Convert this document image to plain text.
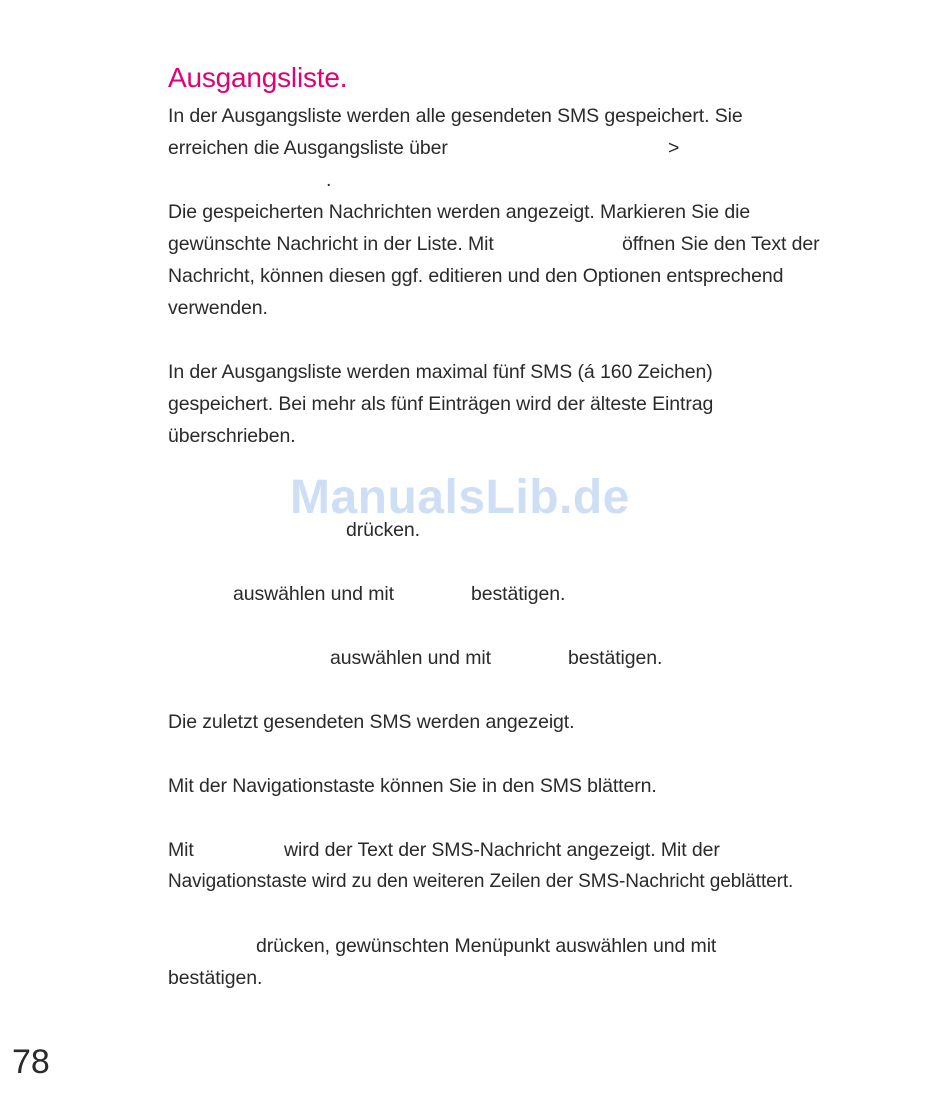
Ausgangsliste.
In der Ausgangsliste werden alle gesendeten SMS gespeichert. Sie
erreichen die Ausgangsliste über	>
.
Die gespeicherten Nachrichten werden angezeigt. Markieren Sie die
gewünschte Nachricht in der Liste. Mit	öffnen Sie den Text der
Nachricht, können diesen ggf. editieren und den Optionen entsprechend
verwenden.
In der Ausgangsliste werden maximal fünf SMS (á 160 Zeichen)
gespeichert. Bei mehr als fünf Einträgen wird der älteste Eintrag
überschrieben.
ManualsLib.de
drücken.
auswählen und mit	bestätigen.
auswählen und mit	bestätigen.
Die zuletzt gesendeten SMS werden angezeigt.
Mit der Navigationstaste können Sie in den SMS blättern.
Mit	wird der Text der SMS-Nachricht angezeigt. Mit der
Navigationstaste wird zu den weiteren Zeilen der SMS-Nachricht geblättert.
drücken, gewünschten Menüpunkt auswählen und mit
bestätigen.
78
